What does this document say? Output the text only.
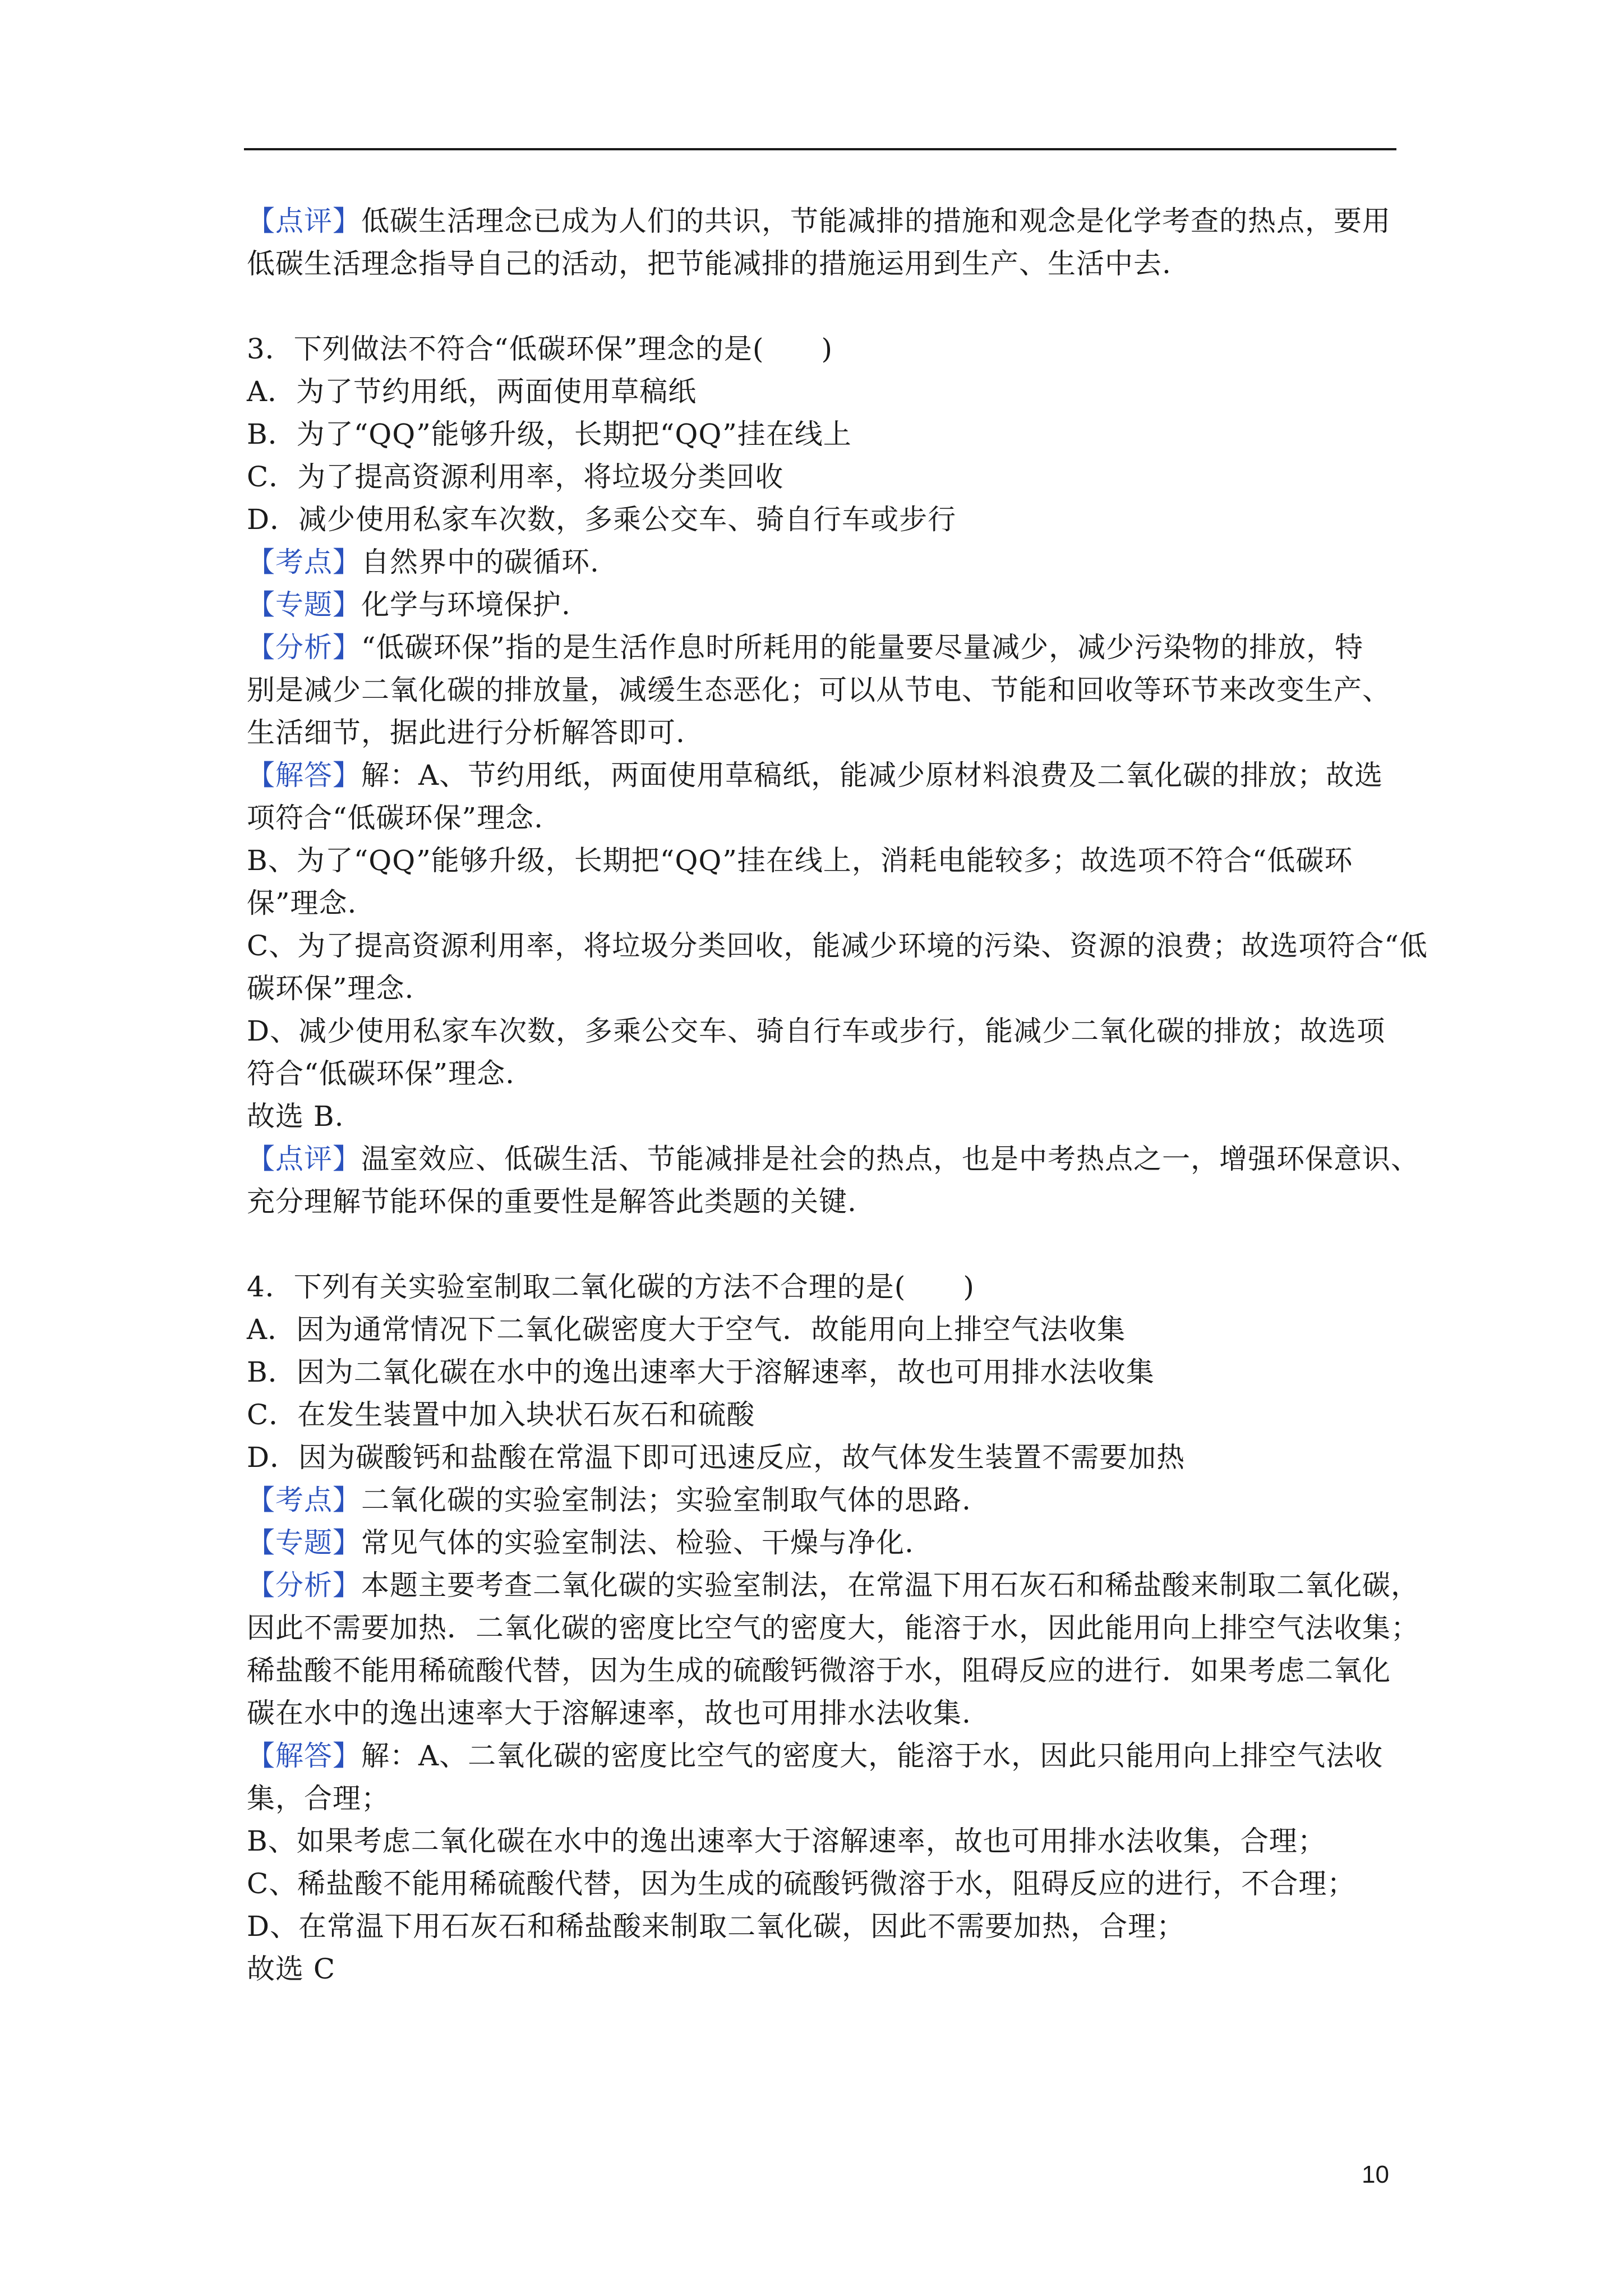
【点评】低碳生活理念已成为人们的共识，节能减排的措施和观念是化学考查的热点，要用
低碳生活理念指导自己的活动，把节能减排的措施运用到生产、生活中去.
3．下列做法不符合“低碳环保”理念的是(　　)
A．为了节约用纸，两面使用草稿纸
B．为了“QQ”能够升级，长期把“QQ”挂在线上
C．为了提高资源利用率，将垃圾分类回收
D．减少使用私家车次数，多乘公交车、骑自行车或步行
【考点】自然界中的碳循环.
【专题】化学与环境保护.
【分析】“低碳环保”指的是生活作息时所耗用的能量要尽量减少，减少污染物的排放，特
别是减少二氧化碳的排放量，减缓生态恶化；可以从节电、节能和回收等环节来改变生产、
生活细节，据此进行分析解答即可.
【解答】解：A、节约用纸，两面使用草稿纸，能减少原材料浪费及二氧化碳的排放；故选
项符合“低碳环保”理念.
B、为了“QQ”能够升级，长期把“QQ”挂在线上，消耗电能较多；故选项不符合“低碳环
保”理念.
C、为了提高资源利用率，将垃圾分类回收，能减少环境的污染、资源的浪费；故选项符合“低
碳环保”理念.
D、减少使用私家车次数，多乘公交车、骑自行车或步行，能减少二氧化碳的排放；故选项
符合“低碳环保”理念.
故选 B.
【点评】温室效应、低碳生活、节能减排是社会的热点，也是中考热点之一，增强环保意识、
充分理解节能环保的重要性是解答此类题的关键.
4．下列有关实验室制取二氧化碳的方法不合理的是(　　)
A．因为通常情况下二氧化碳密度大于空气．故能用向上排空气法收集
B．因为二氧化碳在水中的逸出速率大于溶解速率，故也可用排水法收集
C．在发生装置中加入块状石灰石和硫酸
D．因为碳酸钙和盐酸在常温下即可迅速反应，故气体发生装置不需要加热
【考点】二氧化碳的实验室制法；实验室制取气体的思路.
【专题】常见气体的实验室制法、检验、干燥与净化.
【分析】本题主要考查二氧化碳的实验室制法，在常温下用石灰石和稀盐酸来制取二氧化碳，
因此不需要加热．二氧化碳的密度比空气的密度大，能溶于水，因此能用向上排空气法收集；
稀盐酸不能用稀硫酸代替，因为生成的硫酸钙微溶于水，阻碍反应的进行．如果考虑二氧化
碳在水中的逸出速率大于溶解速率，故也可用排水法收集.
【解答】解：A、二氧化碳的密度比空气的密度大，能溶于水，因此只能用向上排空气法收
集，合理；
B、如果考虑二氧化碳在水中的逸出速率大于溶解速率，故也可用排水法收集，合理；
C、稀盐酸不能用稀硫酸代替，因为生成的硫酸钙微溶于水，阻碍反应的进行，不合理；
D、在常温下用石灰石和稀盐酸来制取二氧化碳，因此不需要加热，合理；
故选 C
10
